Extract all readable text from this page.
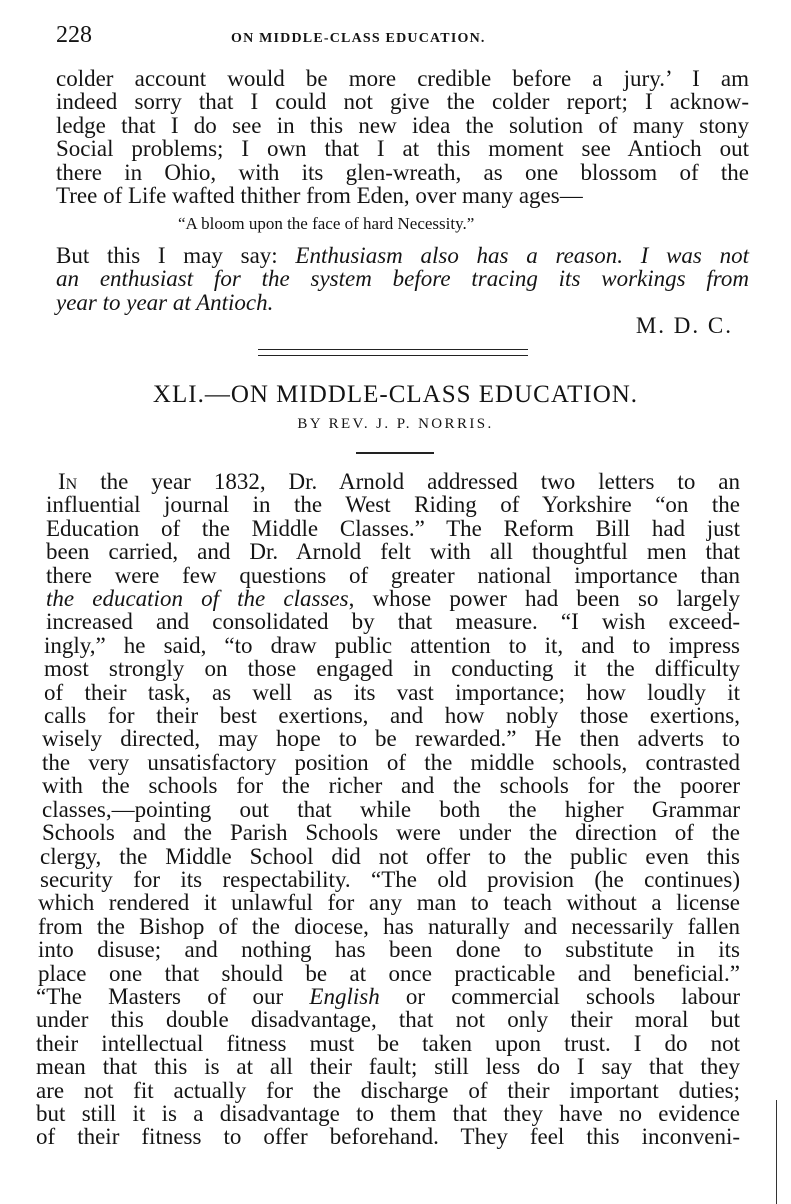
228	ON MIDDLE-CLASS EDUCATION.
colder account would be more credible before a jury.’ I am
indeed sorry that I could not give the colder report; I acknow-
ledge that I do see in this new idea the solution of many stony
Social problems; I own that I at this moment see Antioch out
there in Ohio, with its glen-wreath, as one blossom of the
Tree of Life wafted thither from Eden, over many ages—
“A bloom upon the face of hard Necessity.”
But this I may say: Enthusiasm also has a reason. I was not
an enthusiast for the system before tracing its workings from
year to year at Antioch.
M. D. C.
XLI.—ON MIDDLE-CLASS EDUCATION.
BY REV. J. P. NORRIS.
In the year 1832, Dr. Arnold addressed two letters to an
influential journal in the West Riding of Yorkshire “on the
Education of the Middle Classes.” The Reform Bill had just
been carried, and Dr. Arnold felt with all thoughtful men that
there were few questions of greater national importance than
the education of the classes, whose power had been so largely
increased and consolidated by that measure. “I wish exceed-
ingly,” he said, “to draw public attention to it, and to impress
most strongly on those engaged in conducting it the difficulty
of their task, as well as its vast importance; how loudly it
calls for their best exertions, and how nobly those exertions,
wisely directed, may hope to be rewarded.” He then adverts to
the very unsatisfactory position of the middle schools, contrasted
with the schools for the richer and the schools for the poorer
classes,—pointing out that while both the higher Grammar
Schools and the Parish Schools were under the direction of the
clergy, the Middle School did not offer to the public even this
security for its respectability. “The old provision (he continues)
which rendered it unlawful for any man to teach without a license
from the Bishop of the diocese, has naturally and necessarily fallen
into disuse; and nothing has been done to substitute in its
place one that should be at once practicable and beneficial.”
“The Masters of our English or commercial schools labour
under this double disadvantage, that not only their moral but
their intellectual fitness must be taken upon trust. I do not
mean that this is at all their fault; still less do I say that they
are not fit actually for the discharge of their important duties;
but still it is a disadvantage to them that they have no evidence
of their fitness to offer beforehand. They feel this inconveni-
